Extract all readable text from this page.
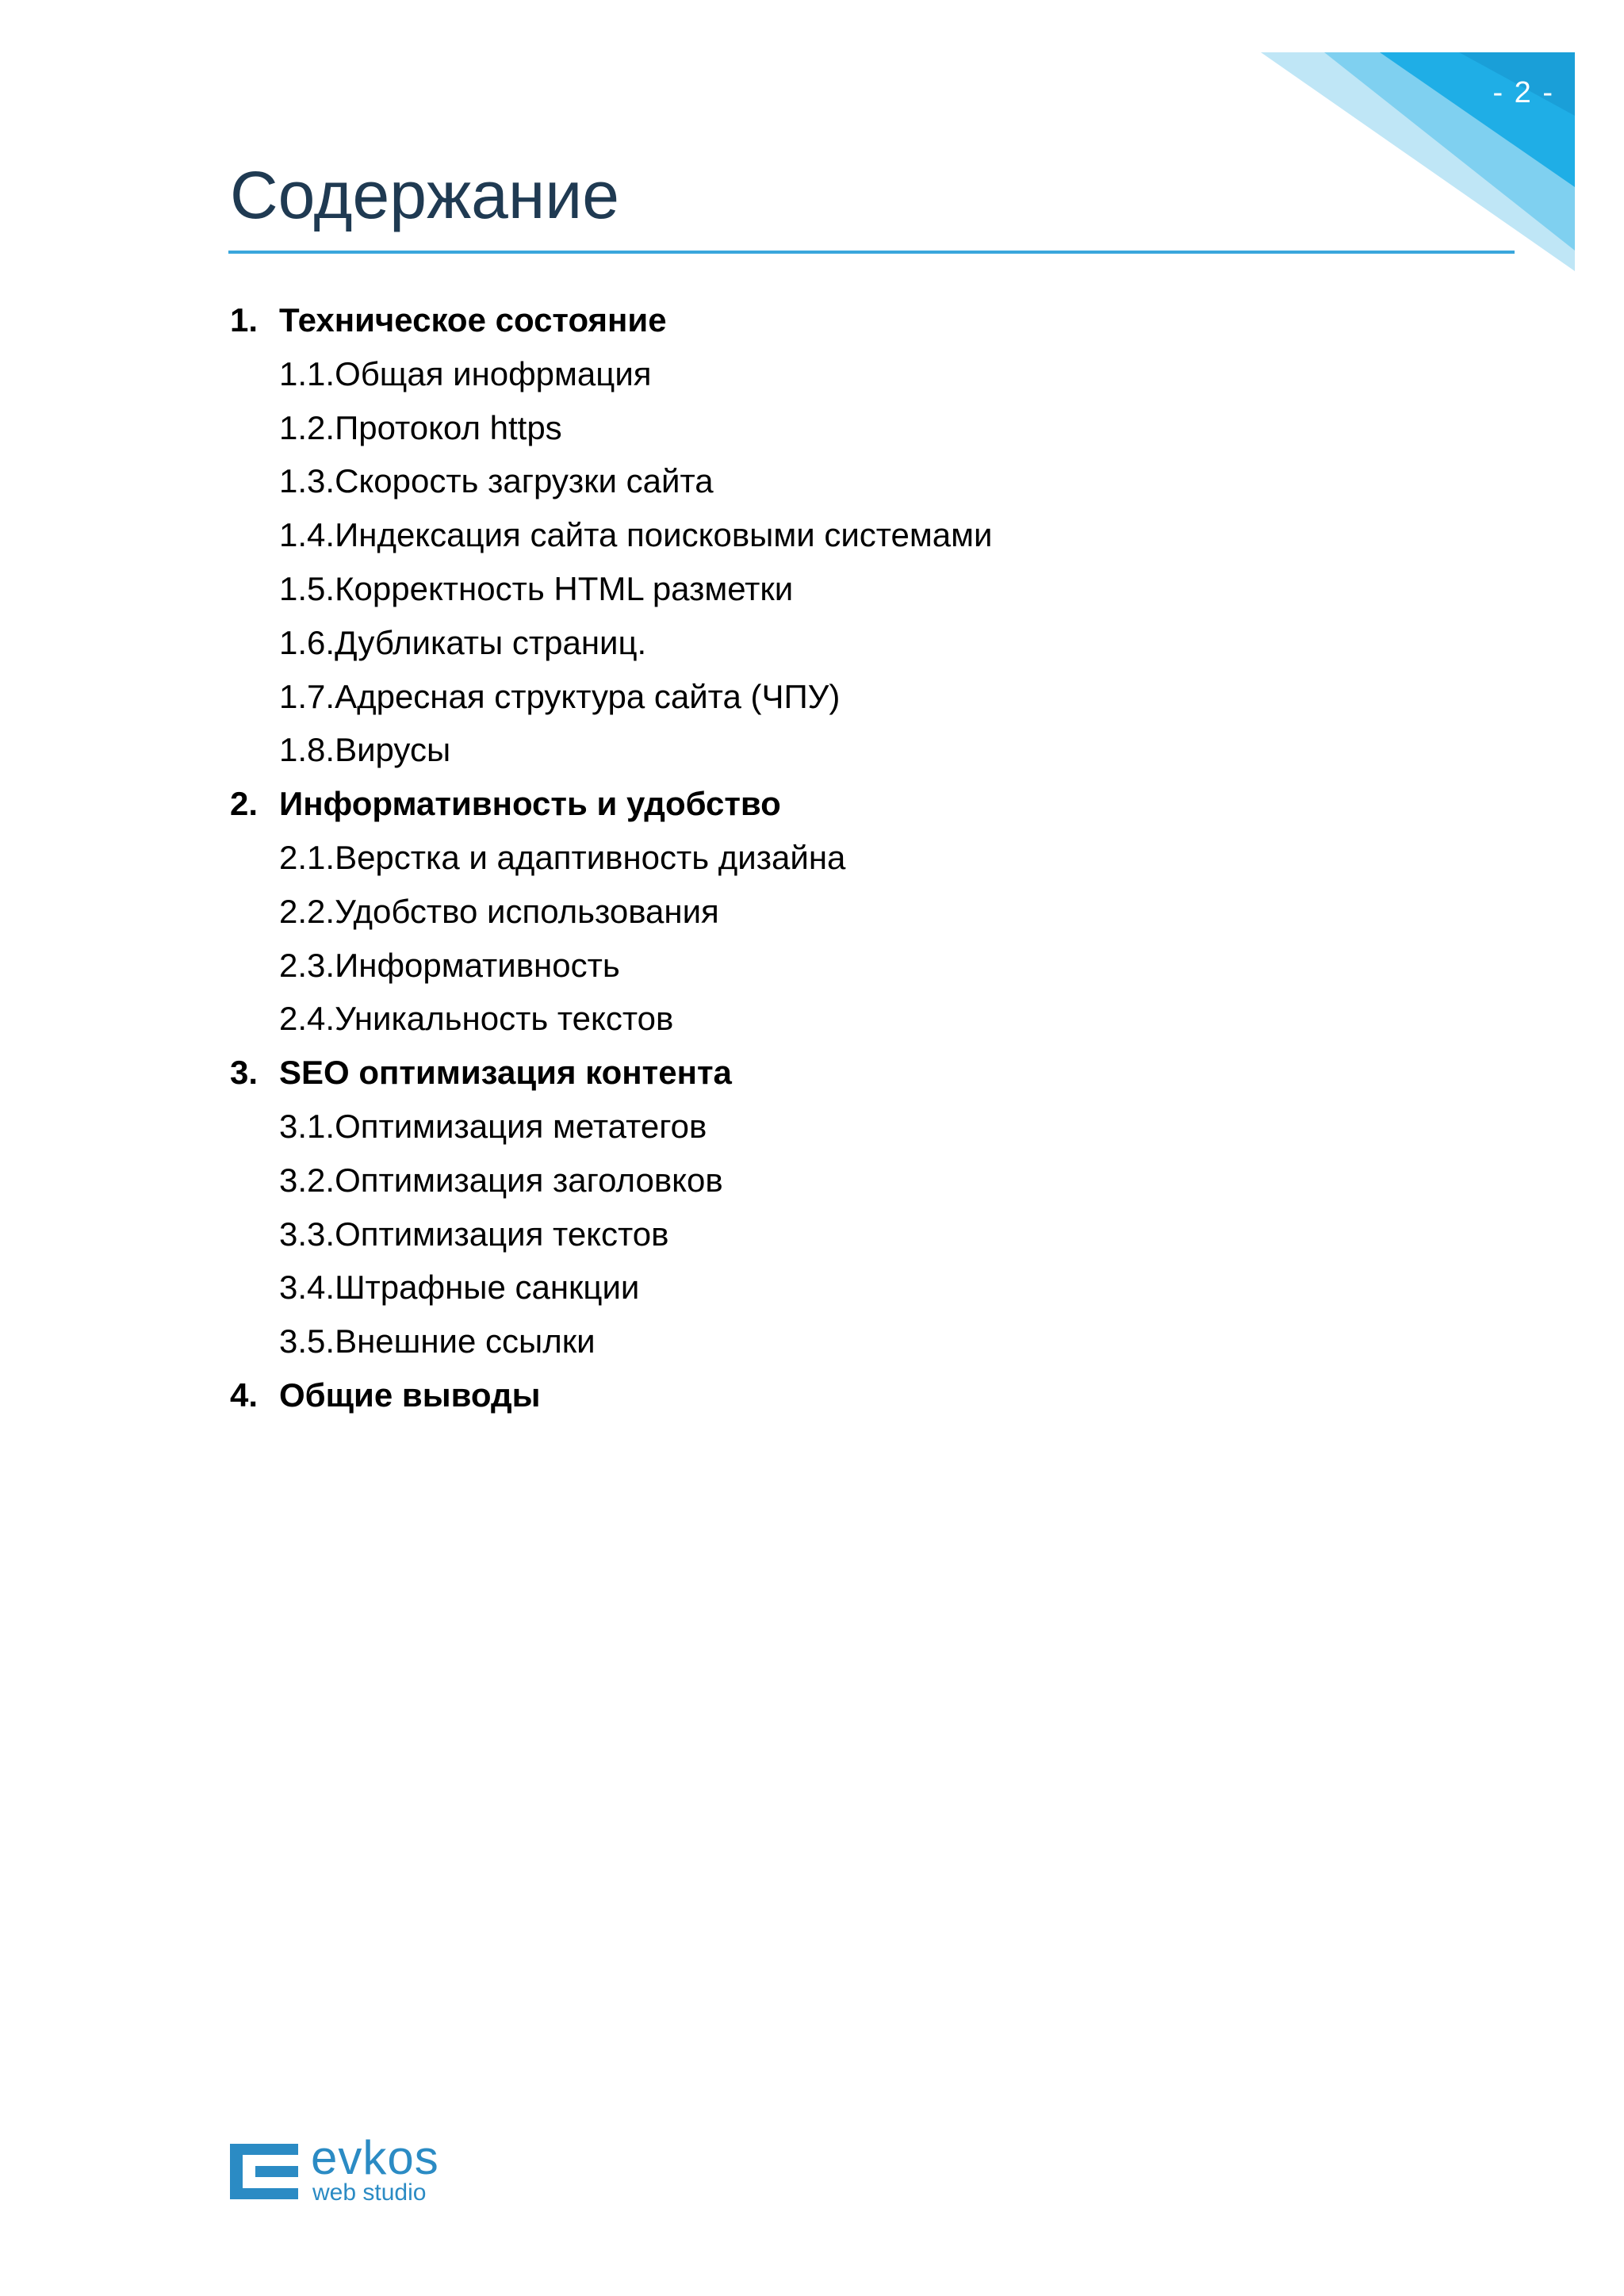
- 2 -
Содержание
1. Техническое состояние
1.1.Общая инофрмация
1.2.Протокол https
1.3.Скорость загрузки сайта
1.4.Индексация сайта поисковыми системами
1.5.Корректность HTML разметки
1.6.Дубликаты страниц.
1.7.Адресная структура сайта (ЧПУ)
1.8.Вирусы
2. Информативность и удобство
2.1.Верстка и адаптивность дизайна
2.2.Удобство использования
2.3.Информативность
2.4.Уникальность текстов
3. SEO оптимизация контента
3.1.Оптимизация метатегов
3.2.Оптимизация заголовков
3.3.Оптимизация текстов
3.4.Штрафные санкции
3.5.Внешние ссылки
4. Общие выводы
evkos
web studio
